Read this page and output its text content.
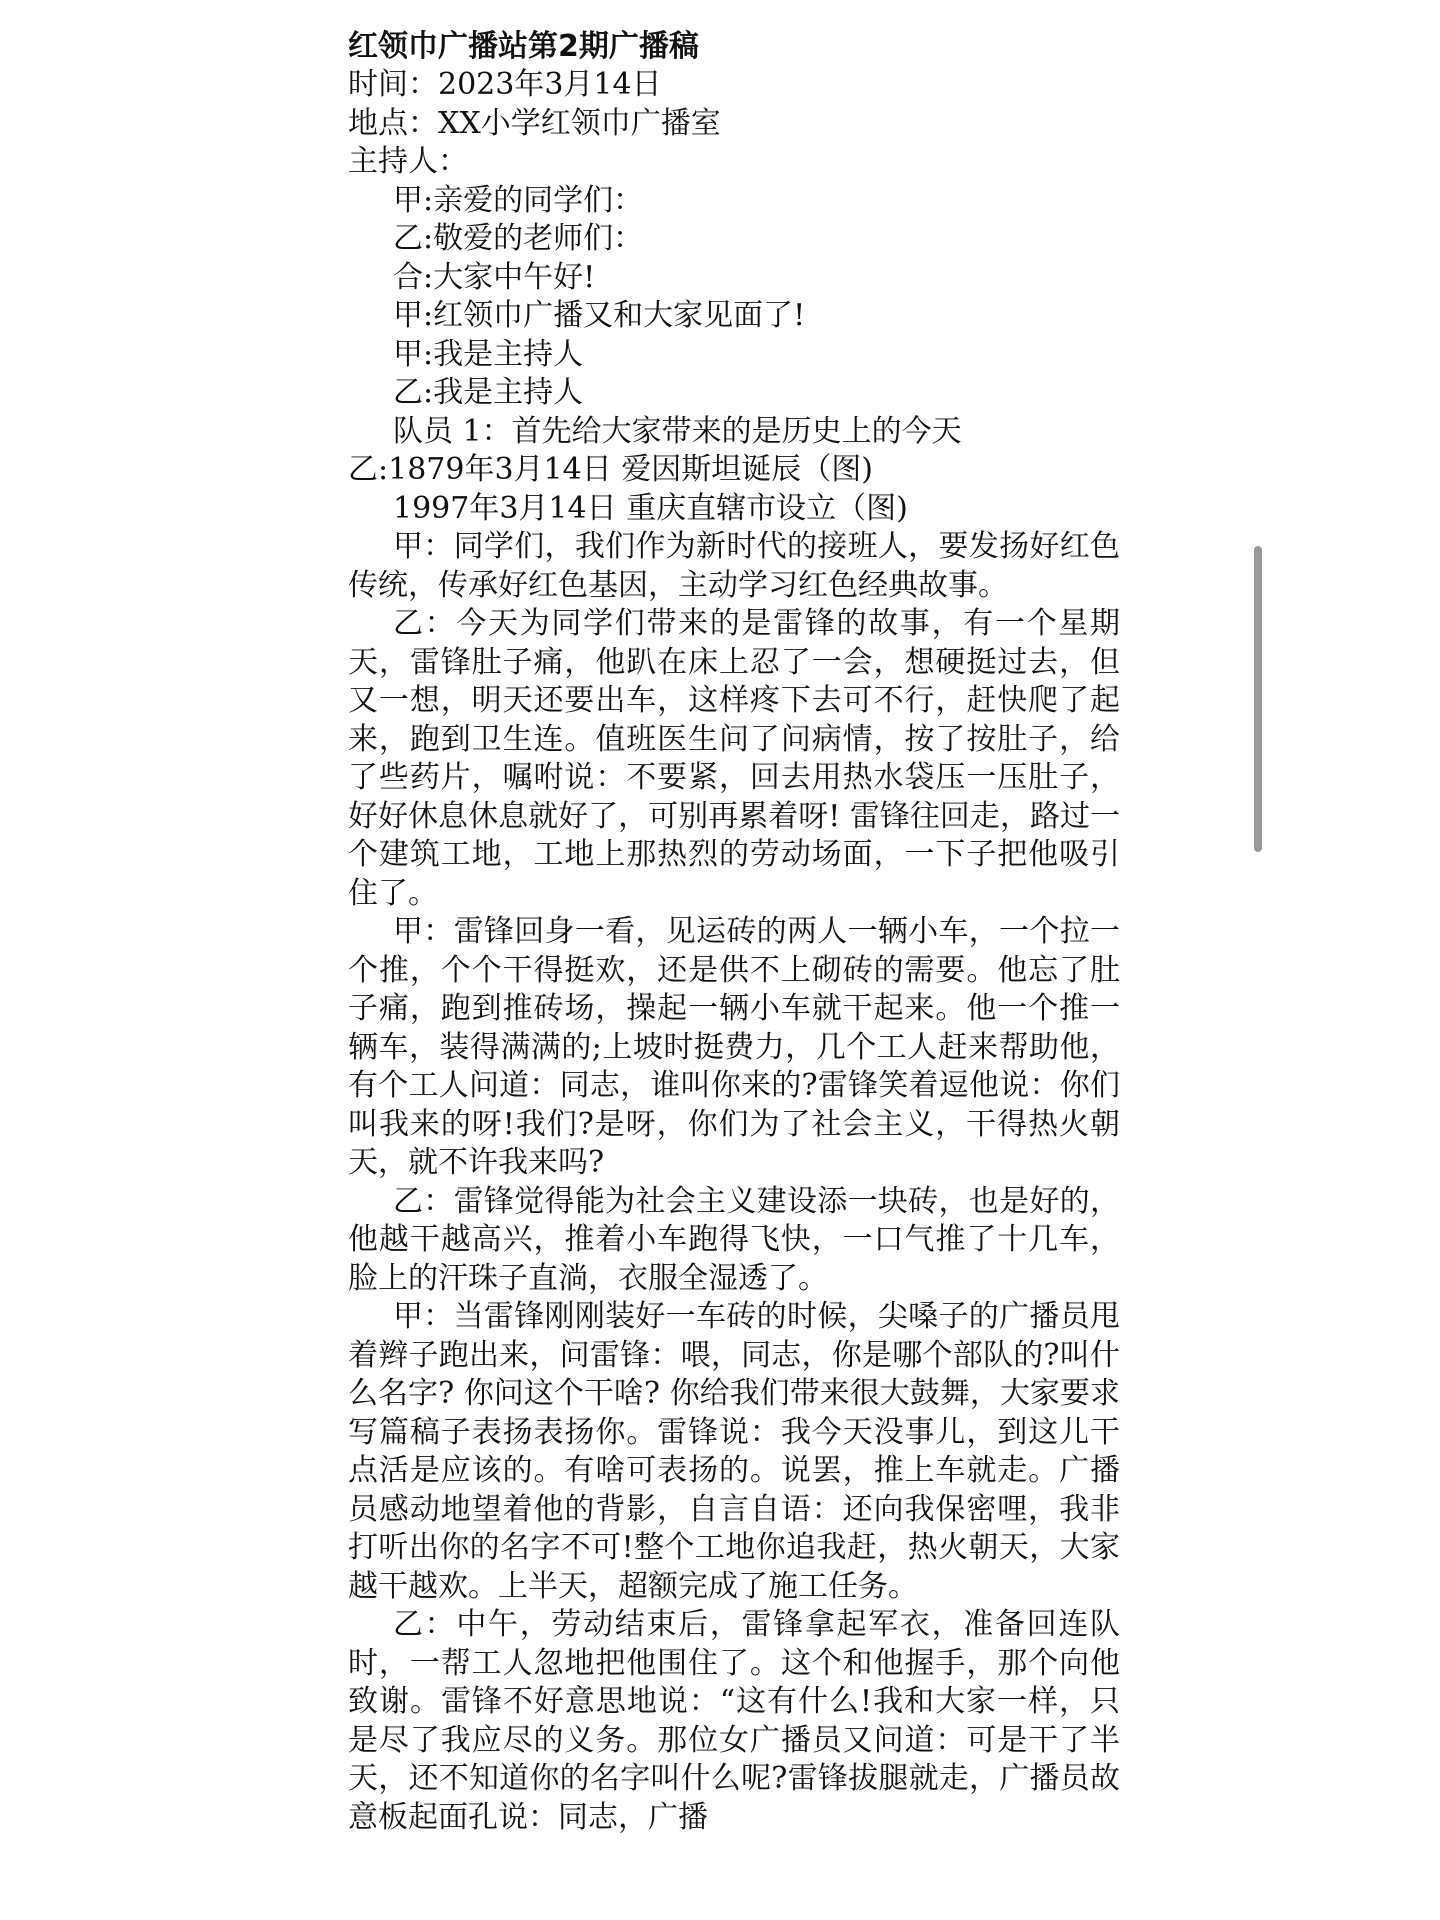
红领巾广播站第2期广播稿
时间：2023年3月14日
地点：XX小学红领巾广播室
主持人：
甲:亲爱的同学们：
乙:敬爱的老师们：
合:大家中午好!
甲:红领巾广播又和大家见面了!
甲:我是主持人
乙:我是主持人
队员 1：首先给大家带来的是历史上的今天
乙:1879年3月14日 爱因斯坦诞辰（图)
1997年3月14日 重庆直辖市设立（图)

甲：同学们，我们作为新时代的接班人，要发扬好红色传统，传承好红色基因，主动学习红色经典故事。

乙：今天为同学们带来的是雷锋的故事，有一个星期天，雷锋肚子痛，他趴在床上忍了一会，想硬挺过去，但又一想，明天还要出车，这样疼下去可不行，赶快爬了起来，跑到卫生连。值班医生问了问病情，按了按肚子，给了些药片，嘱咐说：不要紧，回去用热水袋压一压肚子，好好休息休息就好了，可别再累着呀! 雷锋往回走，路过一个建筑工地，工地上那热烈的劳动场面，一下子把他吸引住了。

甲：雷锋回身一看，见运砖的两人一辆小车，一个拉一个推，个个干得挺欢，还是供不上砌砖的需要。他忘了肚子痛，跑到推砖场，操起一辆小车就干起来。他一个推一辆车，装得满满的;上坡时挺费力，几个工人赶来帮助他，有个工人问道：同志，谁叫你来的?雷锋笑着逗他说：你们叫我来的呀!我们?是呀，你们为了社会主义，干得热火朝天，就不许我来吗?

乙：雷锋觉得能为社会主义建设添一块砖，也是好的，他越干越高兴，推着小车跑得飞快，一口气推了十几车，脸上的汗珠子直淌，衣服全湿透了。

甲：当雷锋刚刚装好一车砖的时候，尖嗓子的广播员甩着辫子跑出来，问雷锋：喂，同志，你是哪个部队的?叫什么名字? 你问这个干啥? 你给我们带来很大鼓舞，大家要求写篇稿子表扬表扬你。雷锋说：我今天没事儿，到这儿干点活是应该的。有啥可表扬的。说罢，推上车就走。广播员感动地望着他的背影，自言自语：还向我保密哩，我非打听出你的名字不可!整个工地你追我赶，热火朝天，大家越干越欢。上半天，超额完成了施工任务。

乙：中午，劳动结束后，雷锋拿起军衣，准备回连队时，一帮工人忽地把他围住了。这个和他握手，那个向他致谢。雷锋不好意思地说：“这有什么!我和大家一样，只是尽了我应尽的义务。那位女广播员又问道：可是干了半天，还不知道你的名字叫什么呢?雷锋拔腿就走，广播员故意板起面孔说：同志，广播
